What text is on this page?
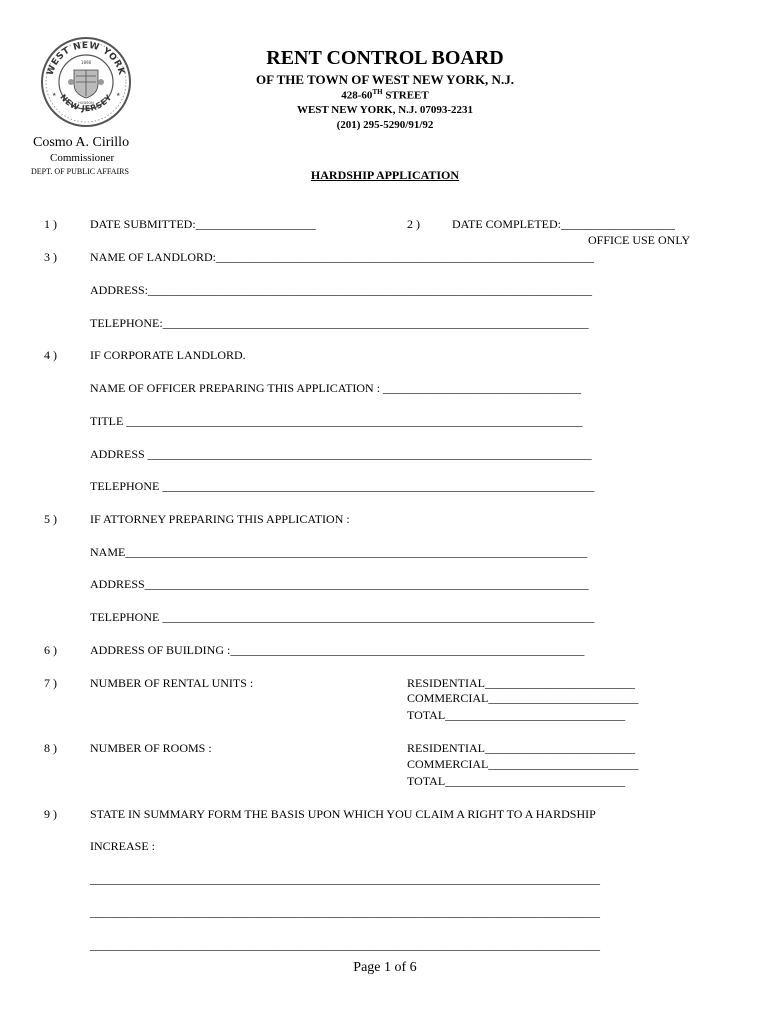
WEST NEW YORK
NEW JERSEY
1898
HUDSON
★	★
RENT CONTROL BOARD
OF THE TOWN OF WEST NEW YORK, N.J.
428-60TH STREET
WEST NEW YORK, N.J. 07093-2231
(201) 295-5290/91/92
Cosmo A. Cirillo
Commissioner
DEPT. OF PUBLIC AFFAIRS	HARDSHIP APPLICATION
1 )	DATE SUBMITTED:____________________	2 )	DATE COMPLETED:___________________
OFFICE USE ONLY
3 )	NAME OF LANDLORD:_______________________________________________________________
ADDRESS:__________________________________________________________________________
TELEPHONE:_______________________________________________________________________
4 )	IF CORPORATE LANDLORD.
NAME OF OFFICER PREPARING THIS APPLICATION : _________________________________
TITLE ____________________________________________________________________________
ADDRESS __________________________________________________________________________
TELEPHONE ________________________________________________________________________
5 )	IF ATTORNEY PREPARING THIS APPLICATION :
NAME_____________________________________________________________________________
ADDRESS__________________________________________________________________________
TELEPHONE ________________________________________________________________________
6 )	ADDRESS OF BUILDING :___________________________________________________________
7 )	NUMBER OF RENTAL UNITS :	RESIDENTIAL_________________________
COMMERCIAL_________________________
TOTAL______________________________
8 )	NUMBER OF ROOMS :	RESIDENTIAL_________________________
COMMERCIAL_________________________
TOTAL______________________________
9 )	STATE IN SUMMARY FORM THE BASIS UPON WHICH YOU CLAIM A RIGHT TO A HARDSHIP
INCREASE :
_____________________________________________________________________________________
_____________________________________________________________________________________
_____________________________________________________________________________________
Page 1 of 6
